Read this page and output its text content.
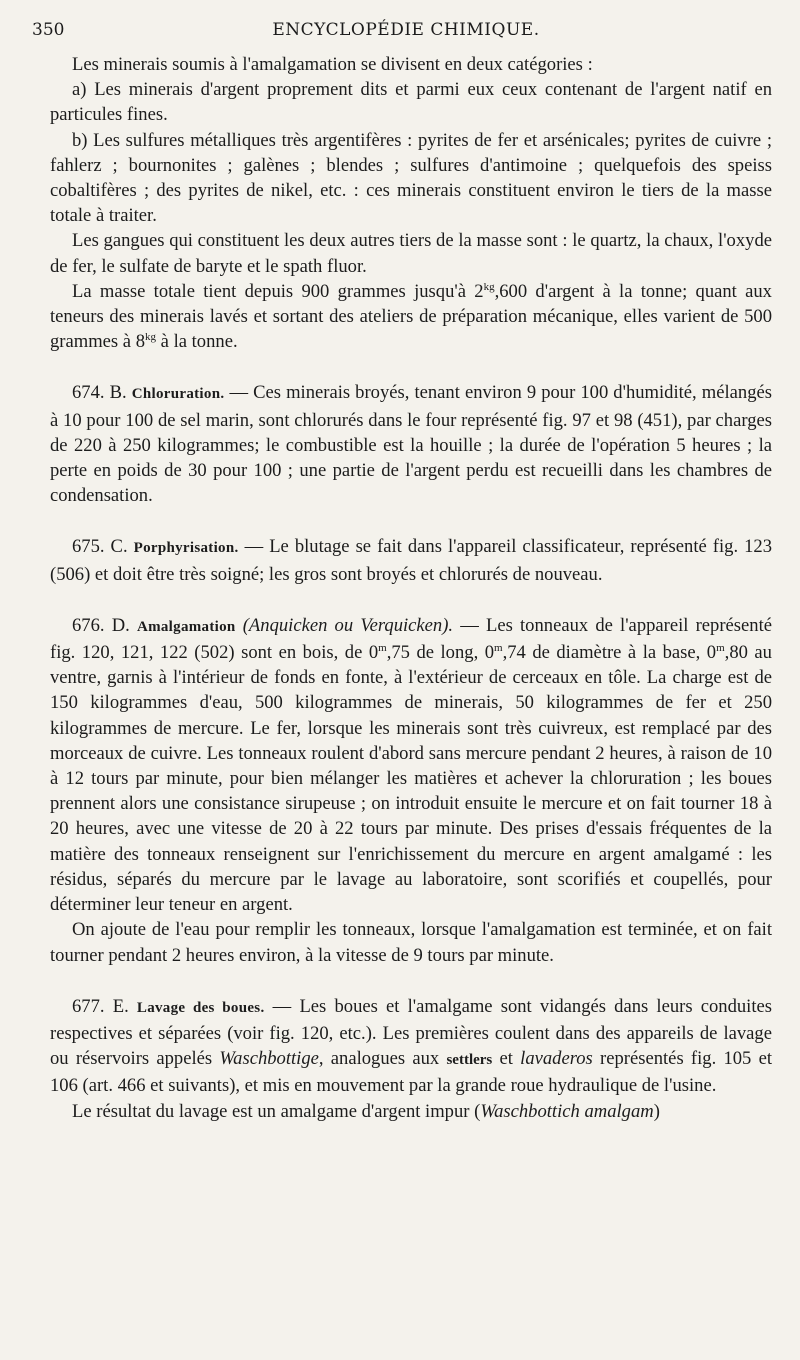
350	ENCYCLOPÉDIE CHIMIQUE.

Les minerais soumis à l'amalgamation se divisent en deux catégories :

a) Les minerais d'argent proprement dits et parmi eux ceux contenant de l'argent natif en particules fines.

b) Les sulfures métalliques très argentifères : pyrites de fer et arsénicales; pyrites de cuivre ; fahlerz ; bournonites ; galènes ; blendes ; sulfures d'antimoine ; quelquefois des speiss cobaltifères ; des pyrites de nikel, etc. : ces minerais constituent environ le tiers de la masse totale à traiter.

Les gangues qui constituent les deux autres tiers de la masse sont : le quartz, la chaux, l'oxyde de fer, le sulfate de baryte et le spath fluor.

La masse totale tient depuis 900 grammes jusqu'à $2^{kg},600$ d'argent à la tonne; quant aux teneurs des minerais lavés et sortant des ateliers de préparation mécanique, elles varient de 500 grammes à $8^{kg}$ à la tonne.

674. B. Chloruration. — Ces minerais broyés, tenant environ 9 pour 100 d'humidité, mélangés à 10 pour 100 de sel marin, sont chlorurés dans le four représenté fig. 97 et 98 (451), par charges de 220 à 250 kilogrammes; le combustible est la houille ; la durée de l'opération 5 heures ; la perte en poids de 30 pour 100 ; une partie de l'argent perdu est recueilli dans les chambres de condensation.

675. C. Porphyrisation. — Le blutage se fait dans l'appareil classificateur, représenté fig. 123 (506) et doit être très soigné; les gros sont broyés et chlorurés de nouveau.

676. D. Amalgamation (Anquicken ou Verquicken). — Les tonneaux de l'appareil représenté fig. 120, 121, 122 (502) sont en bois, de 0$^m$,75 de long, 0$^m$,74 de diamètre à la base, 0$^m$,80 au ventre, garnis à l'intérieur de fonds en fonte, à l'extérieur de cerceaux en tôle. La charge est de 150 kilogrammes d'eau, 500 kilogrammes de minerais, 50 kilogrammes de fer et 250 kilogrammes de mercure. Le fer, lorsque les minerais sont très cuivreux, est remplacé par des morceaux de cuivre. Les tonneaux roulent d'abord sans mercure pendant 2 heures, à raison de 10 à 12 tours par minute, pour bien mélanger les matières et achever la chloruration ; les boues prennent alors une consistance sirupeuse ; on introduit ensuite le mercure et on fait tourner 18 à 20 heures, avec une vitesse de 20 à 22 tours par minute. Des prises d'essais fréquentes de la matière des tonneaux renseignent sur l'enrichissement du mercure en argent amalgamé : les résidus, séparés du mercure par le lavage au laboratoire, sont scorifiés et coupellés, pour déterminer leur teneur en argent.

On ajoute de l'eau pour remplir les tonneaux, lorsque l'amalgamation est terminée, et on fait tourner pendant 2 heures environ, à la vitesse de 9 tours par minute.

677. E. Lavage des boues. — Les boues et l'amalgame sont vidangés dans leurs conduites respectives et séparées (voir fig. 120, etc.). Les premières coulent dans des appareils de lavage ou réservoirs appelés Waschbottige, analogues aux settlers et lavaderos représentés fig. 105 et 106 (art. 466 et suivants), et mis en mouvement par la grande roue hydraulique de l'usine.

Le résultat du lavage est un amalgame d'argent impur (Waschbottich amalgam)
